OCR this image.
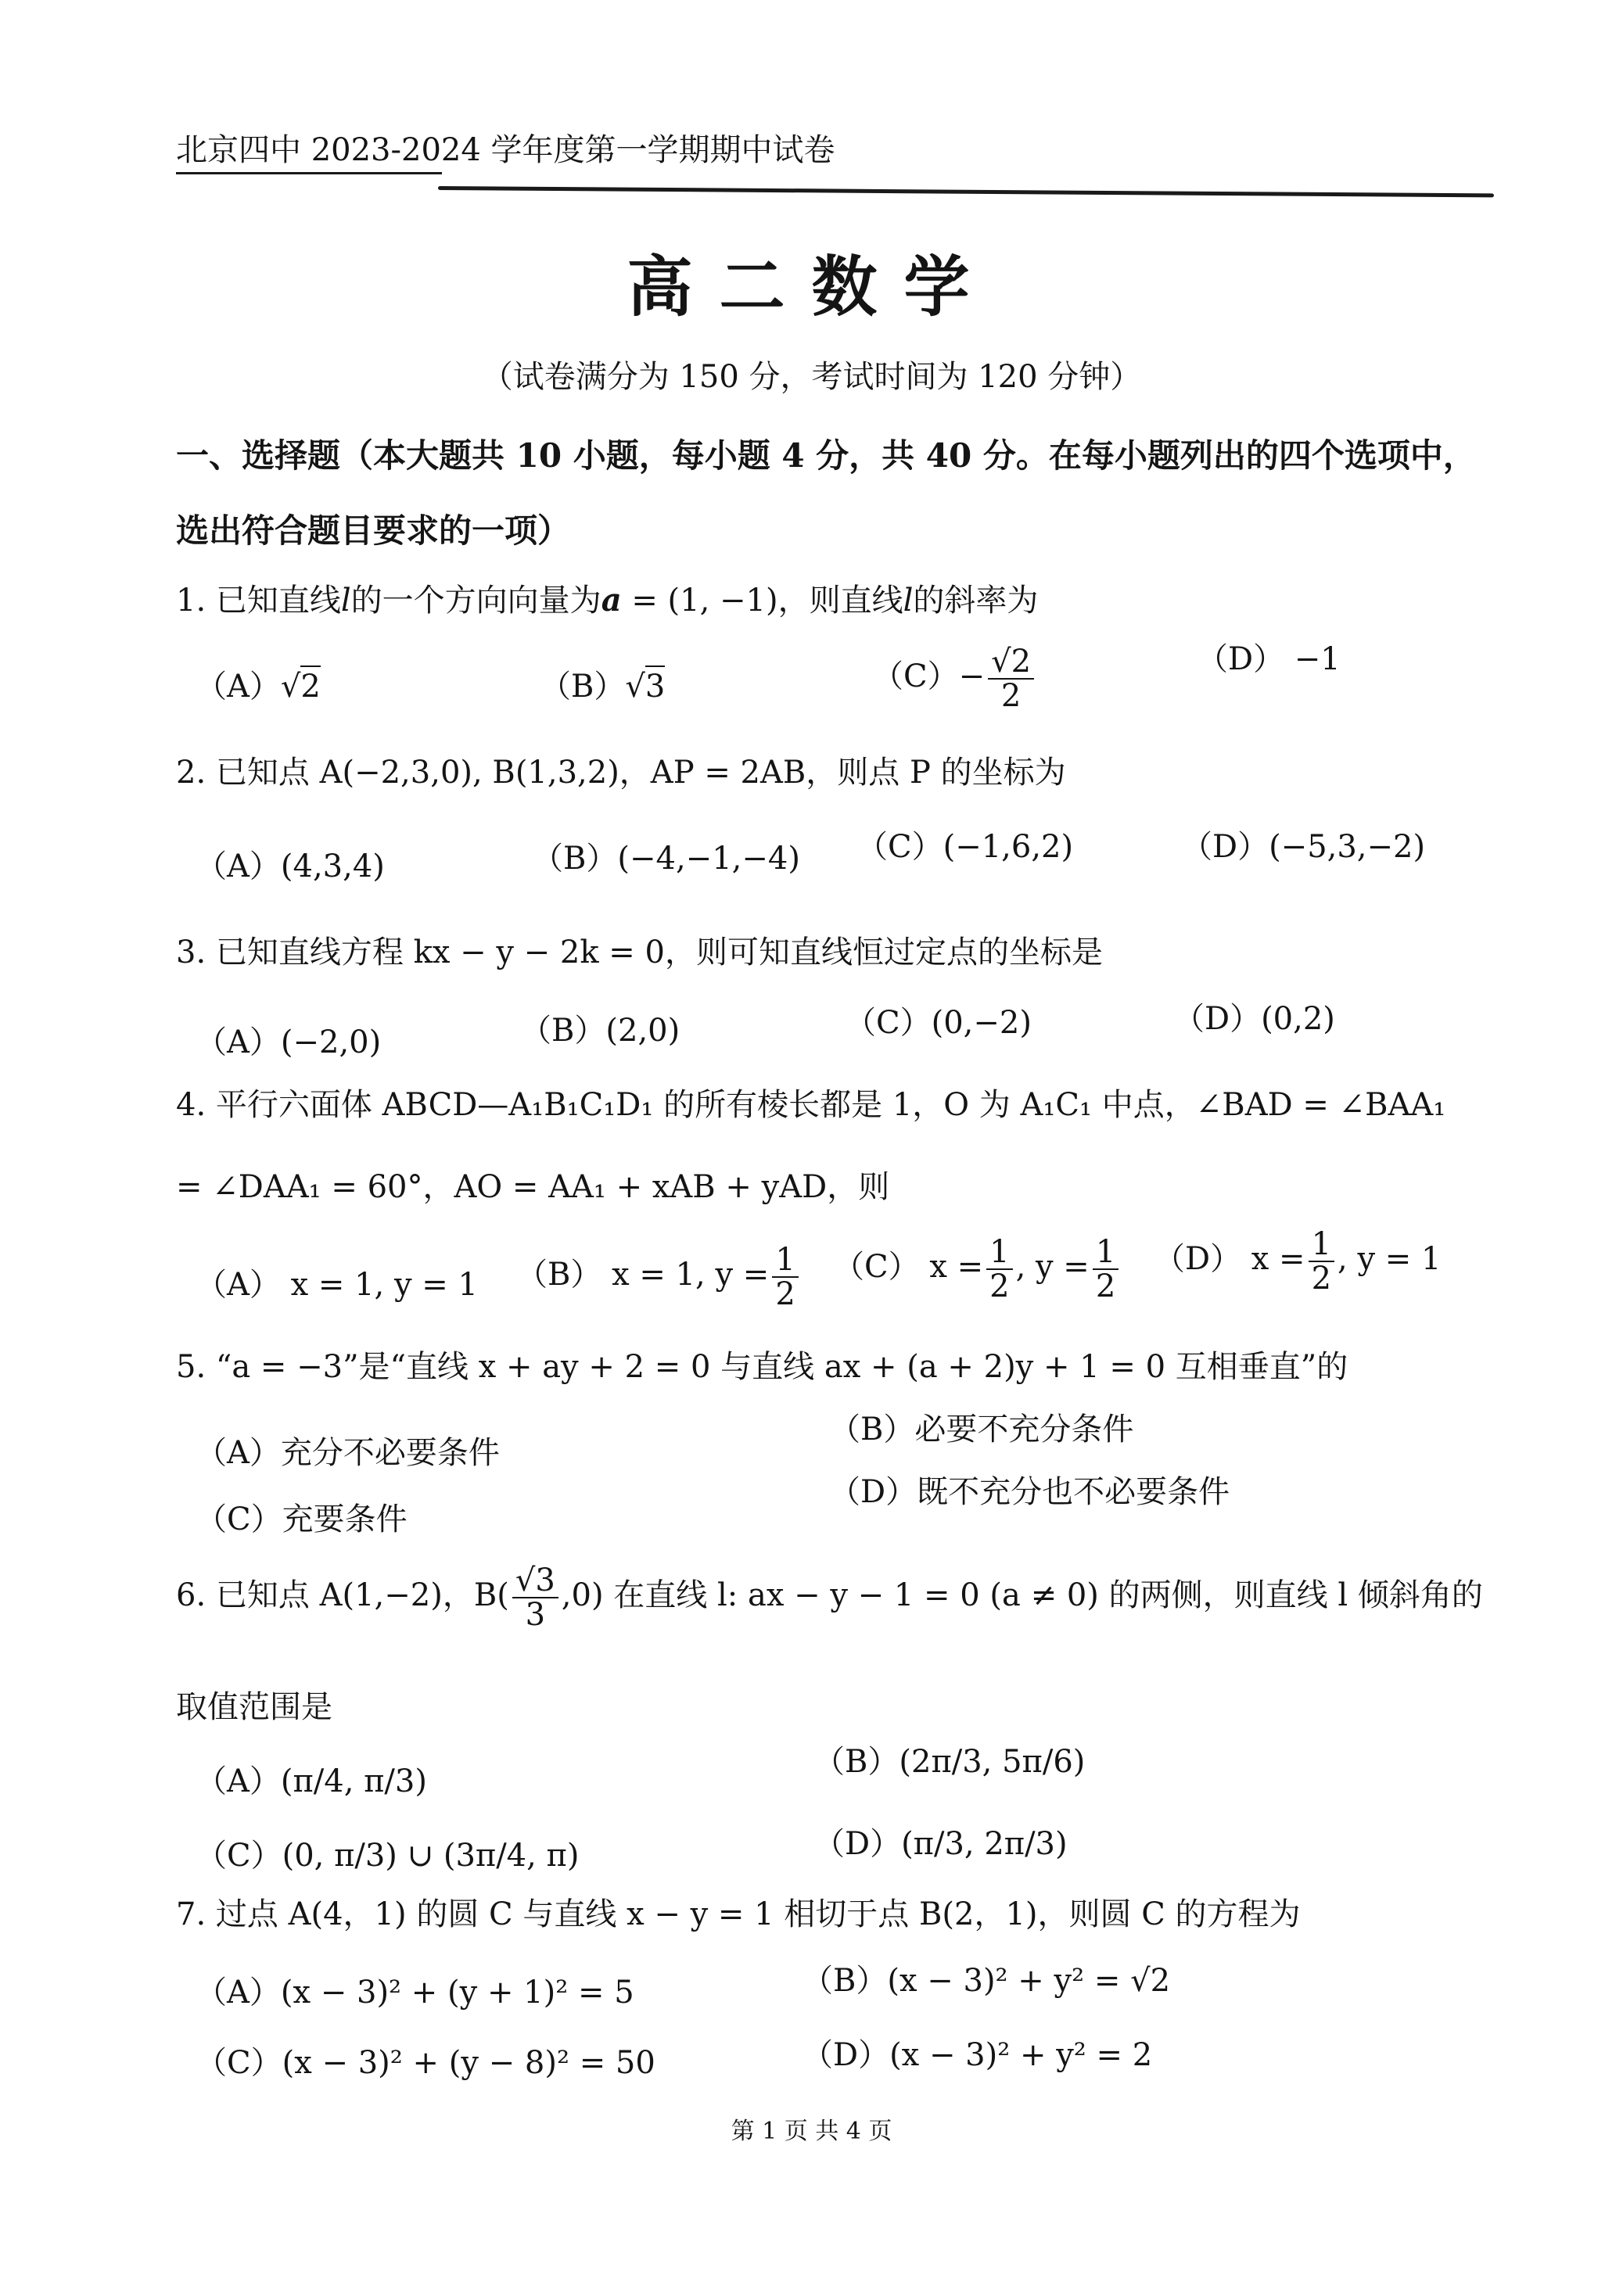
北京四中 2023-2024 学年度第一学期期中试卷
高二数学
（试卷满分为 150 分，考试时间为 120 分钟）
一、选择题（本大题共 10 小题，每小题 4 分，共 40 分。在每小题列出的四个选项中，选出符合题目要求的一项）
1. 已知直线l的一个方向向量为a = (1, −1)，则直线l的斜率为
（A）√2	（B）√3	$(C)- \frac{√2}{2}$	（D） −1
2. 已知点 A(−2,3,0), B(1,3,2)，AP = 2AB，则点 P 的坐标为
（A）(4,3,4)	（B）(−4,−1,−4) （C）(−1,6,2)	（D）(−5,3,−2)
3. 已知直线方程 kx − y − 2k = 0，则可知直线恒过定点的坐标是
（A）(−2,0)	（B）(2,0)	（C）(0,−2)	（D）(0,2)
4. 平行六面体 ABCD—A₁B₁C₁D₁ 的所有棱长都是 1，O 为 A₁C₁ 中点，∠BAD = ∠BAA₁
= ∠DAA₁ = 60°，AO = AA₁ + xAB + yAD，则
（A） x = 1, y = 1 （B） x = 1, $y = \frac{1}{2} (C) x = \frac{1}{2}$ , $y = \frac{1}{2} (D) x = \frac{1}{2}$ , y = 1
5. “a = −3”是“直线 x + ay + 2 = 0 与直线 ax + (a + 2)y + 1 = 0 互相垂直”的
（A）充分不必要条件
（B）必要不充分条件
（C）充要条件
（D）既不充分也不必要条件
6. 已知点 A(1,−2)，$B( \frac{√3}{3} ,0)$ 在直线 l: ax − y − 1 = 0 (a ≠ 0) 的两侧，则直线 l 倾斜角的
取值范围是
（A）(π/4, π/3)
（B）(2π/3, 5π/6)
（C）(0, π/3) ∪ (3π/4, π)	（D）(π/3, 2π/3)
7. 过点 A(4，1) 的圆 C 与直线 x − y = 1 相切于点 B(2，1)，则圆 C 的方程为
（A）(x − 3)² + (y + 1)² = 5	（B）(x − 3)² + y² = √2
（C）(x − 3)² + (y − 8)² = 50	（D）(x − 3)² + y² = 2
第 1 页 共 4 页
